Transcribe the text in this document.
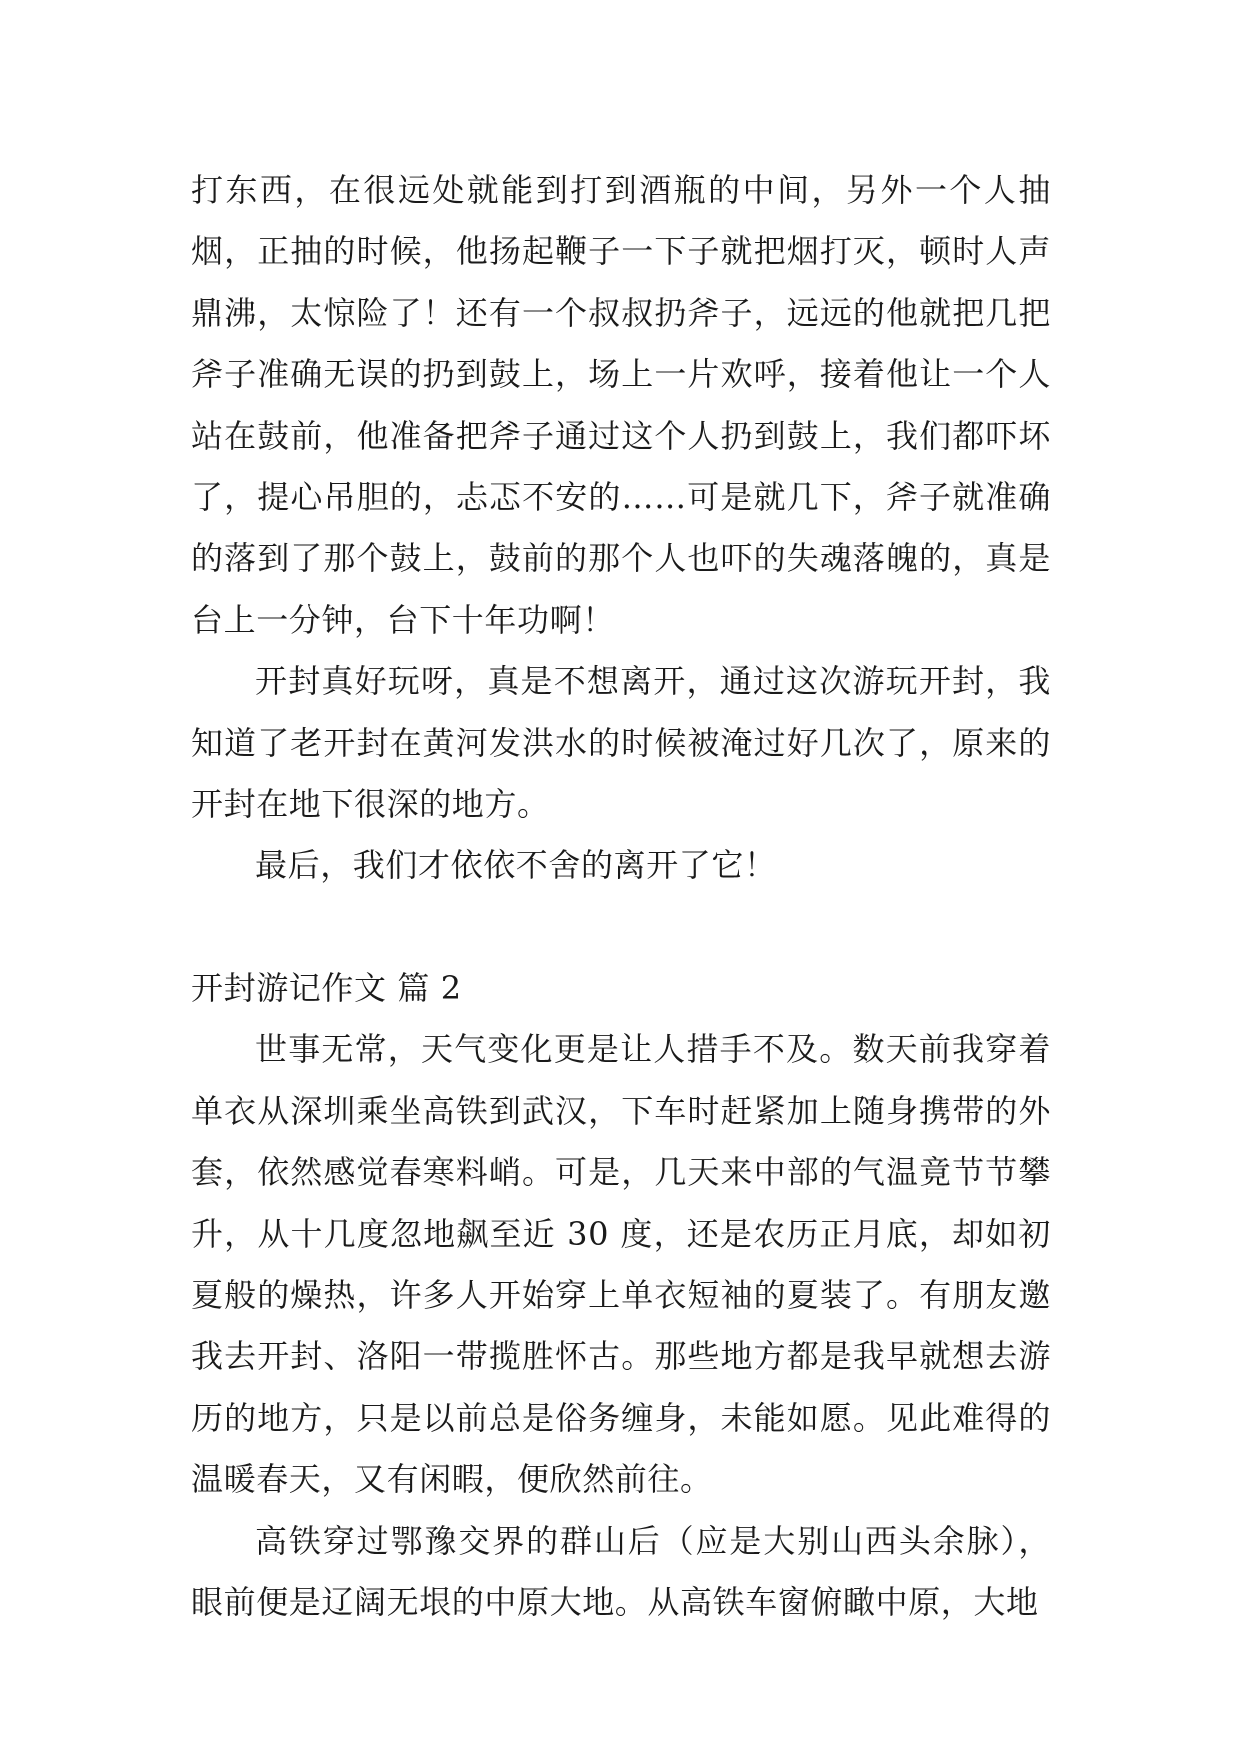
打东西，在很远处就能到打到酒瓶的中间，另外一个人抽烟，正抽的时候，他扬起鞭子一下子就把烟打灭，顿时人声鼎沸，太惊险了！还有一个叔叔扔斧子，远远的他就把几把斧子准确无误的扔到鼓上，场上一片欢呼，接着他让一个人站在鼓前，他准备把斧子通过这个人扔到鼓上，我们都吓坏了，提心吊胆的，忐忑不安的……可是就几下，斧子就准确的落到了那个鼓上，鼓前的那个人也吓的失魂落魄的，真是台上一分钟，台下十年功啊！

开封真好玩呀，真是不想离开，通过这次游玩开封，我知道了老开封在黄河发洪水的时候被淹过好几次了，原来的开封在地下很深的地方。

最后，我们才依依不舍的离开了它！

开封游记作文 篇 2

世事无常，天气变化更是让人措手不及。数天前我穿着单衣从深圳乘坐高铁到武汉，下车时赶紧加上随身携带的外套，依然感觉春寒料峭。可是，几天来中部的气温竟节节攀升，从十几度忽地飙至近 30 度，还是农历正月底，却如初夏般的燥热，许多人开始穿上单衣短袖的夏装了。有朋友邀我去开封、洛阳一带揽胜怀古。那些地方都是我早就想去游历的地方，只是以前总是俗务缠身，未能如愿。见此难得的温暖春天，又有闲暇，便欣然前往。

高铁穿过鄂豫交界的群山后（应是大别山西头余脉），眼前便是辽阔无垠的中原大地。从高铁车窗俯瞰中原，大地
